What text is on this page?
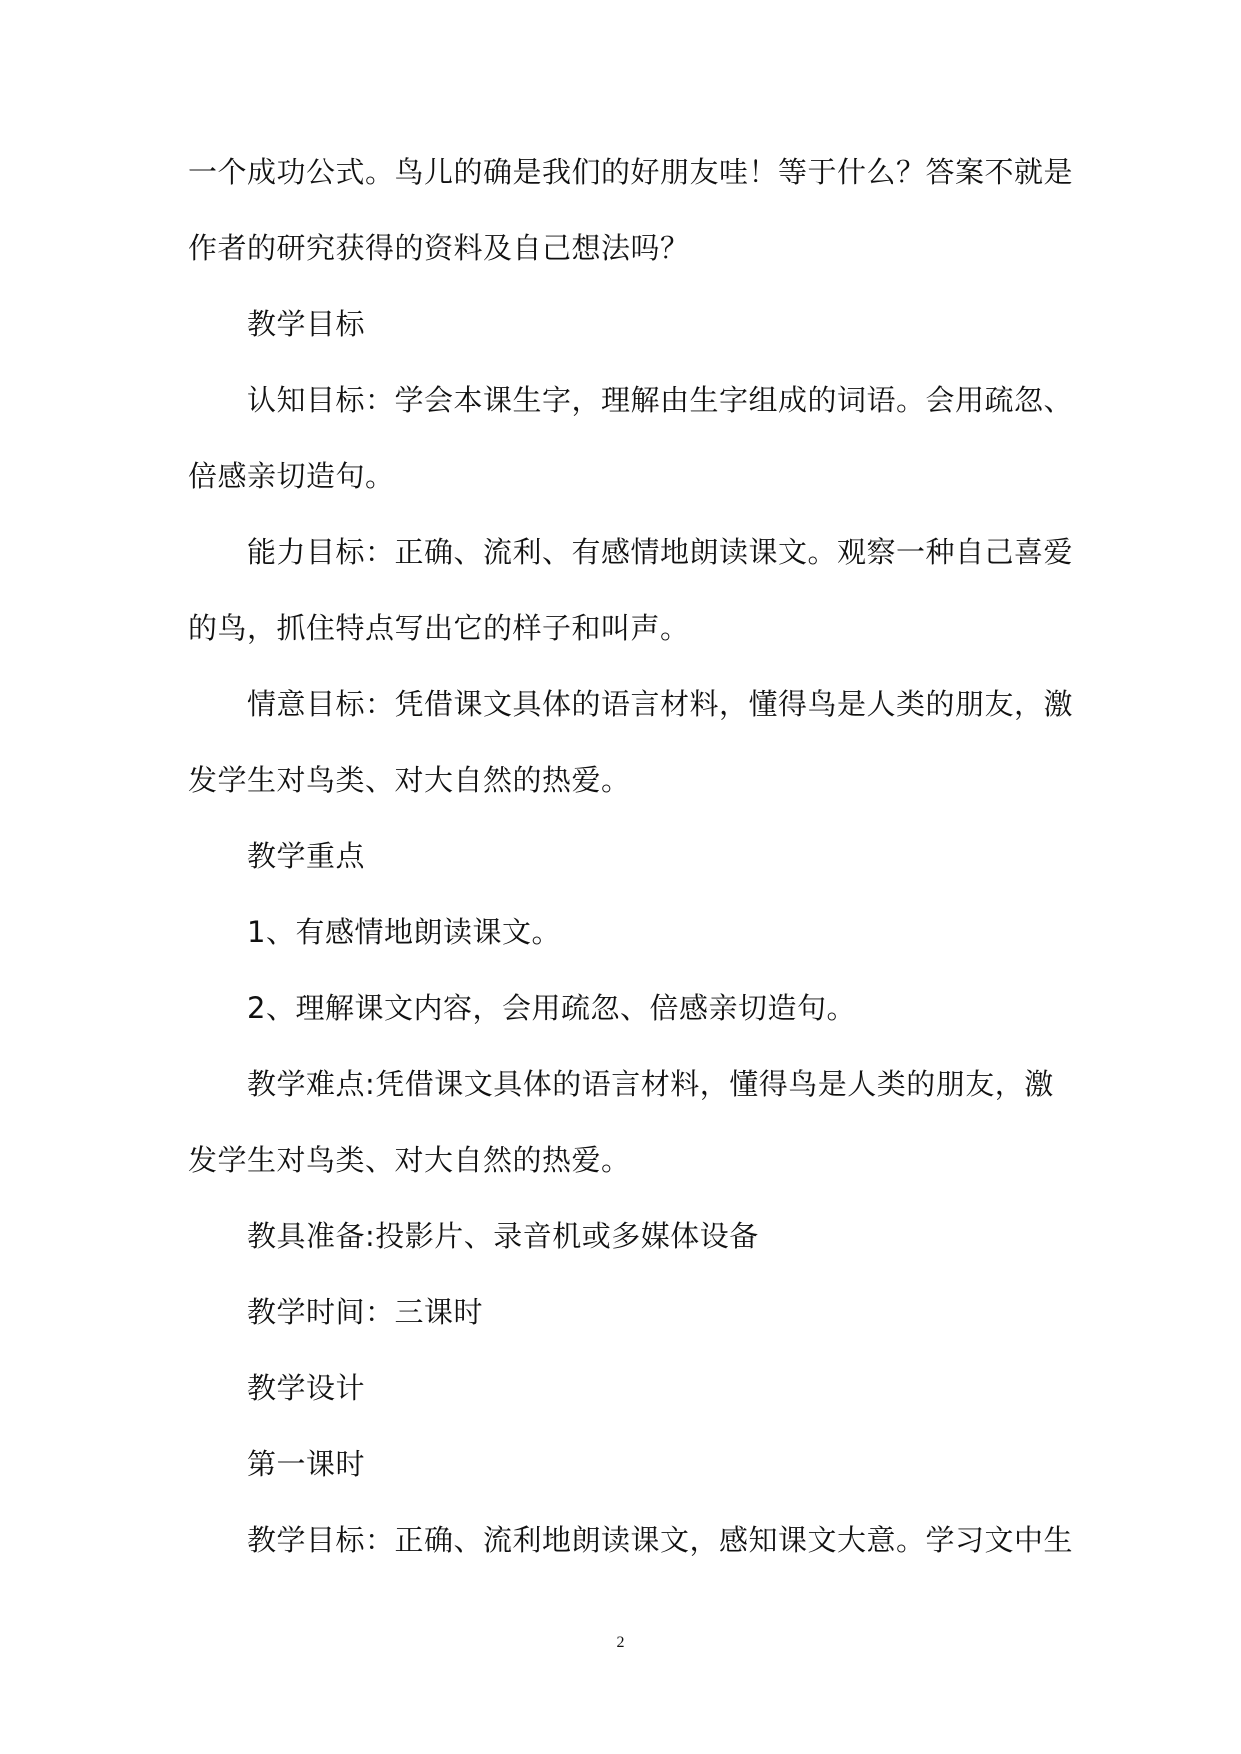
一个成功公式。鸟儿的确是我们的好朋友哇！等于什么？答案不就是
作者的研究获得的资料及自己想法吗？
教学目标
认知目标：学会本课生字，理解由生字组成的词语。会用疏忽、
倍感亲切造句。
能力目标：正确、流利、有感情地朗读课文。观察一种自己喜爱
的鸟，抓住特点写出它的样子和叫声。
情意目标：凭借课文具体的语言材料，懂得鸟是人类的朋友，激
发学生对鸟类、对大自然的热爱。
教学重点
1、有感情地朗读课文。
2、理解课文内容，会用疏忽、倍感亲切造句。
教学难点:凭借课文具体的语言材料，懂得鸟是人类的朋友，激
发学生对鸟类、对大自然的热爱。
教具准备:投影片、录音机或多媒体设备
教学时间：三课时
教学设计
第一课时
教学目标：正确、流利地朗读课文，感知课文大意。学习文中生
2
